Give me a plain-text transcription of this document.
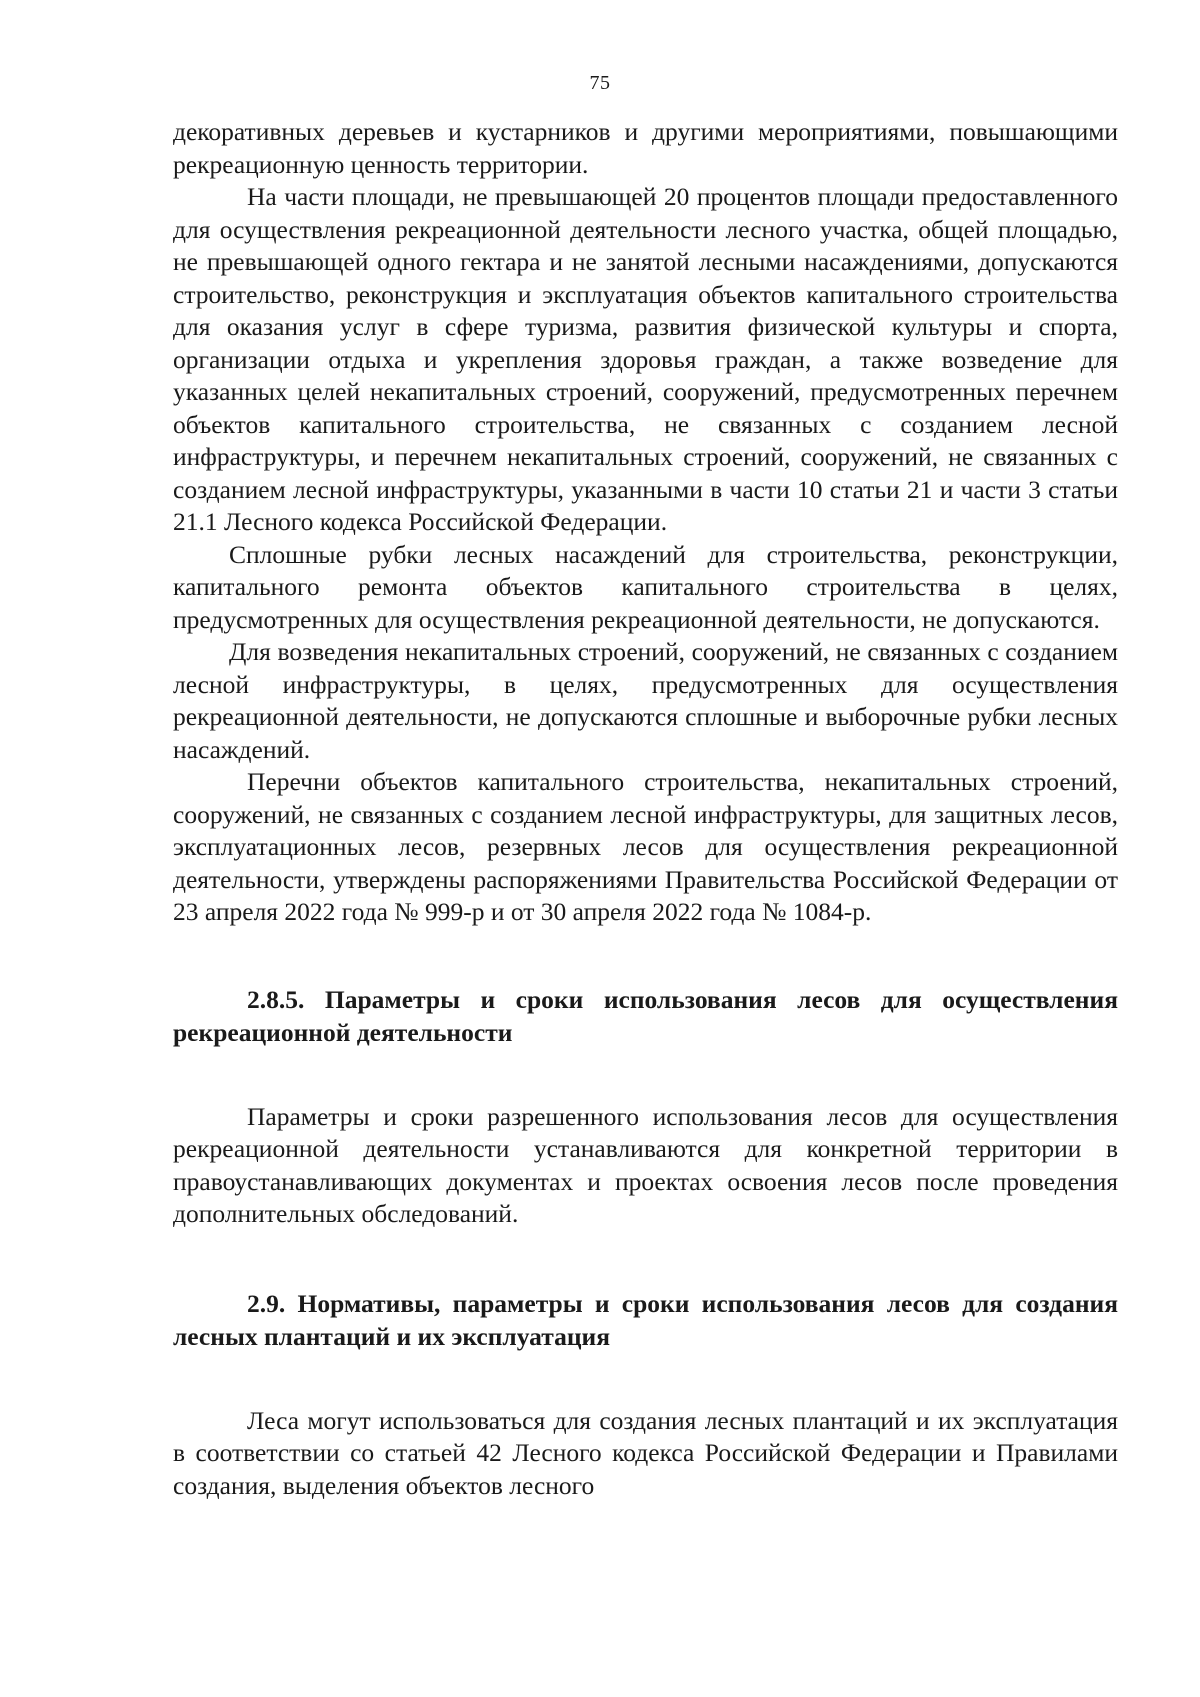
75

декоративных деревьев и кустарников и другими мероприятиями, повышающими рекреационную ценность территории.

На части площади, не превышающей 20 процентов площади предоставленного для осуществления рекреационной деятельности лесного участка, общей площадью, не превышающей одного гектара и не занятой лесными насаждениями, допускаются строительство, реконструкция и эксплуатация объектов капитального строительства для оказания услуг в сфере туризма, развития физической культуры и спорта, организации отдыха и укрепления здоровья граждан, а также возведение для указанных целей некапитальных строений, сооружений, предусмотренных перечнем объектов капитального строительства, не связанных с созданием лесной инфраструктуры, и перечнем некапитальных строений, сооружений, не связанных с созданием лесной инфраструктуры, указанными в части 10 статьи 21 и части 3 статьи 21.1 Лесного кодекса Российской Федерации.

Сплошные рубки лесных насаждений для строительства, реконструкции, капитального ремонта объектов капитального строительства в целях, предусмотренных для осуществления рекреационной деятельности, не допускаются.

Для возведения некапитальных строений, сооружений, не связанных с созданием лесной инфраструктуры, в целях, предусмотренных для осуществления рекреационной деятельности, не допускаются сплошные и выборочные рубки лесных насаждений.

Перечни объектов капитального строительства, некапитальных строений, сооружений, не связанных с созданием лесной инфраструктуры, для защитных лесов, эксплуатационных лесов, резервных лесов для осуществления рекреационной деятельности, утверждены распоряжениями Правительства Российской Федерации от 23 апреля 2022 года № 999-р и от 30 апреля 2022 года № 1084-р.

2.8.5. Параметры и сроки использования лесов для осуществления рекреационной деятельности

Параметры и сроки разрешенного использования лесов для осуществления рекреационной деятельности устанавливаются для конкретной территории в правоустанавливающих документах и проектах освоения лесов после проведения дополнительных обследований.

2.9. Нормативы, параметры и сроки использования лесов для создания лесных плантаций и их эксплуатация

Леса могут использоваться для создания лесных плантаций и их эксплуатация в соответствии со статьей 42 Лесного кодекса Российской Федерации и Правилами создания, выделения объектов лесного
